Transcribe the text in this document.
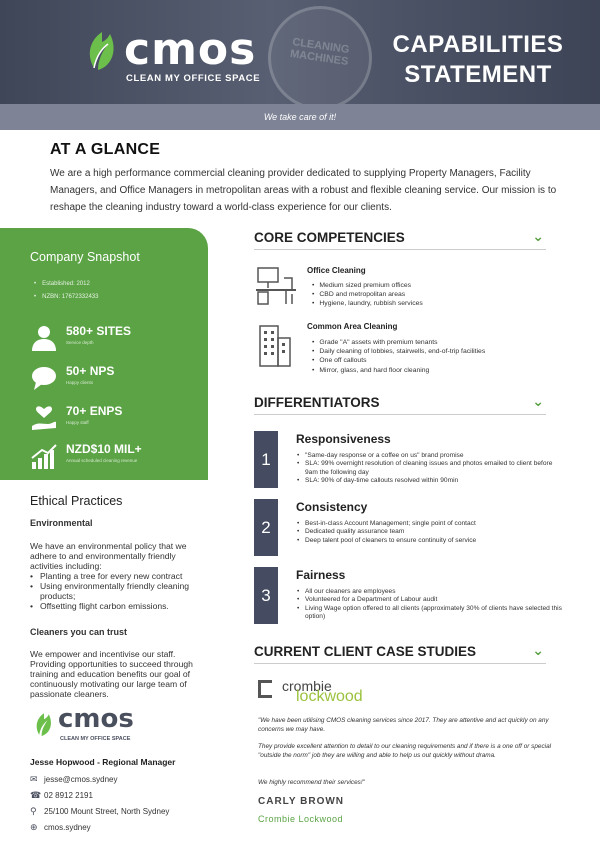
CLEANING MACHINES
cmos
CLEAN MY OFFICE SPACE
CAPABILITIES
STATEMENT
We take care of it!
AT A GLANCE
We are a high performance commercial cleaning provider dedicated to supplying Property Managers, Facility Managers, and Office Managers in metropolitan areas with a robust and flexible cleaning service. Our mission is to reshape the cleaning industry toward a world-class experience for our clients.
Company Snapshot
• Established: 2012
• NZBN: 17672332433
580+ SITES
Service depth
50+ NPS
Happy clients
70+ ENPS
Happy staff
NZD$10 MIL+
Annual scheduled cleaning revenue
Ethical Practices
Environmental
We have an environmental policy that we adhere to and environmentally friendly activities including:
• Planting a tree for every new contract
• Using environmentally friendly cleaning products;
• Offsetting flight carbon emissions.
Cleaners you can trust
We empower and incentivise our staff. Providing opportunities to succeed through training and education benefits our goal of continuously motivating our large team of passionate cleaners.
cmos
CLEAN MY OFFICE SPACE
Jesse Hopwood - Regional Manager
✉ jesse@cmos.sydney
☎ 02 8912 2191
⚲ 25/100 Mount Street, North Sydney
⊕ cmos.sydney
CORE COMPETENCIES	⌄
Office Cleaning
• Medium sized premium offices
• CBD and metropolitan areas
• Hygiene, laundry, rubbish services
Common Area Cleaning
• Grade "A" assets with premium tenants
• Daily cleaning of lobbies, stairwells, end-of-trip facilities
• One off callouts
• Mirror, glass, and hard floor cleaning
DIFFERENTIATORS	⌄
1
Responsiveness
• "Same-day response or a coffee on us" brand promise
• SLA: 99% overnight resolution of cleaning issues and photos emailed to client before 9am the following day
• SLA: 90% of day-time callouts resolved within 90min
2
Consistency
• Best-in-class Account Management; single point of contact
• Dedicated quality assurance team
• Deep talent pool of cleaners to ensure continuity of service
3
Fairness
• All our cleaners are employees
• Volunteered for a Department of Labour audit
• Living Wage option offered to all clients (approximately 30% of clients have selected this option)
CURRENT CLIENT CASE STUDIES	⌄
crombie
lockwood
"We have been utilising CMOS cleaning services since 2017. They are attentive and act quickly on any concerns we may have.
They provide excellent attention to detail to our cleaning requirements and if there is a one off or special "outside the norm" job they are willing and able to help us out quickly without drama.
We highly recommend their services!"
CARLY BROWN
Crombie Lockwood
